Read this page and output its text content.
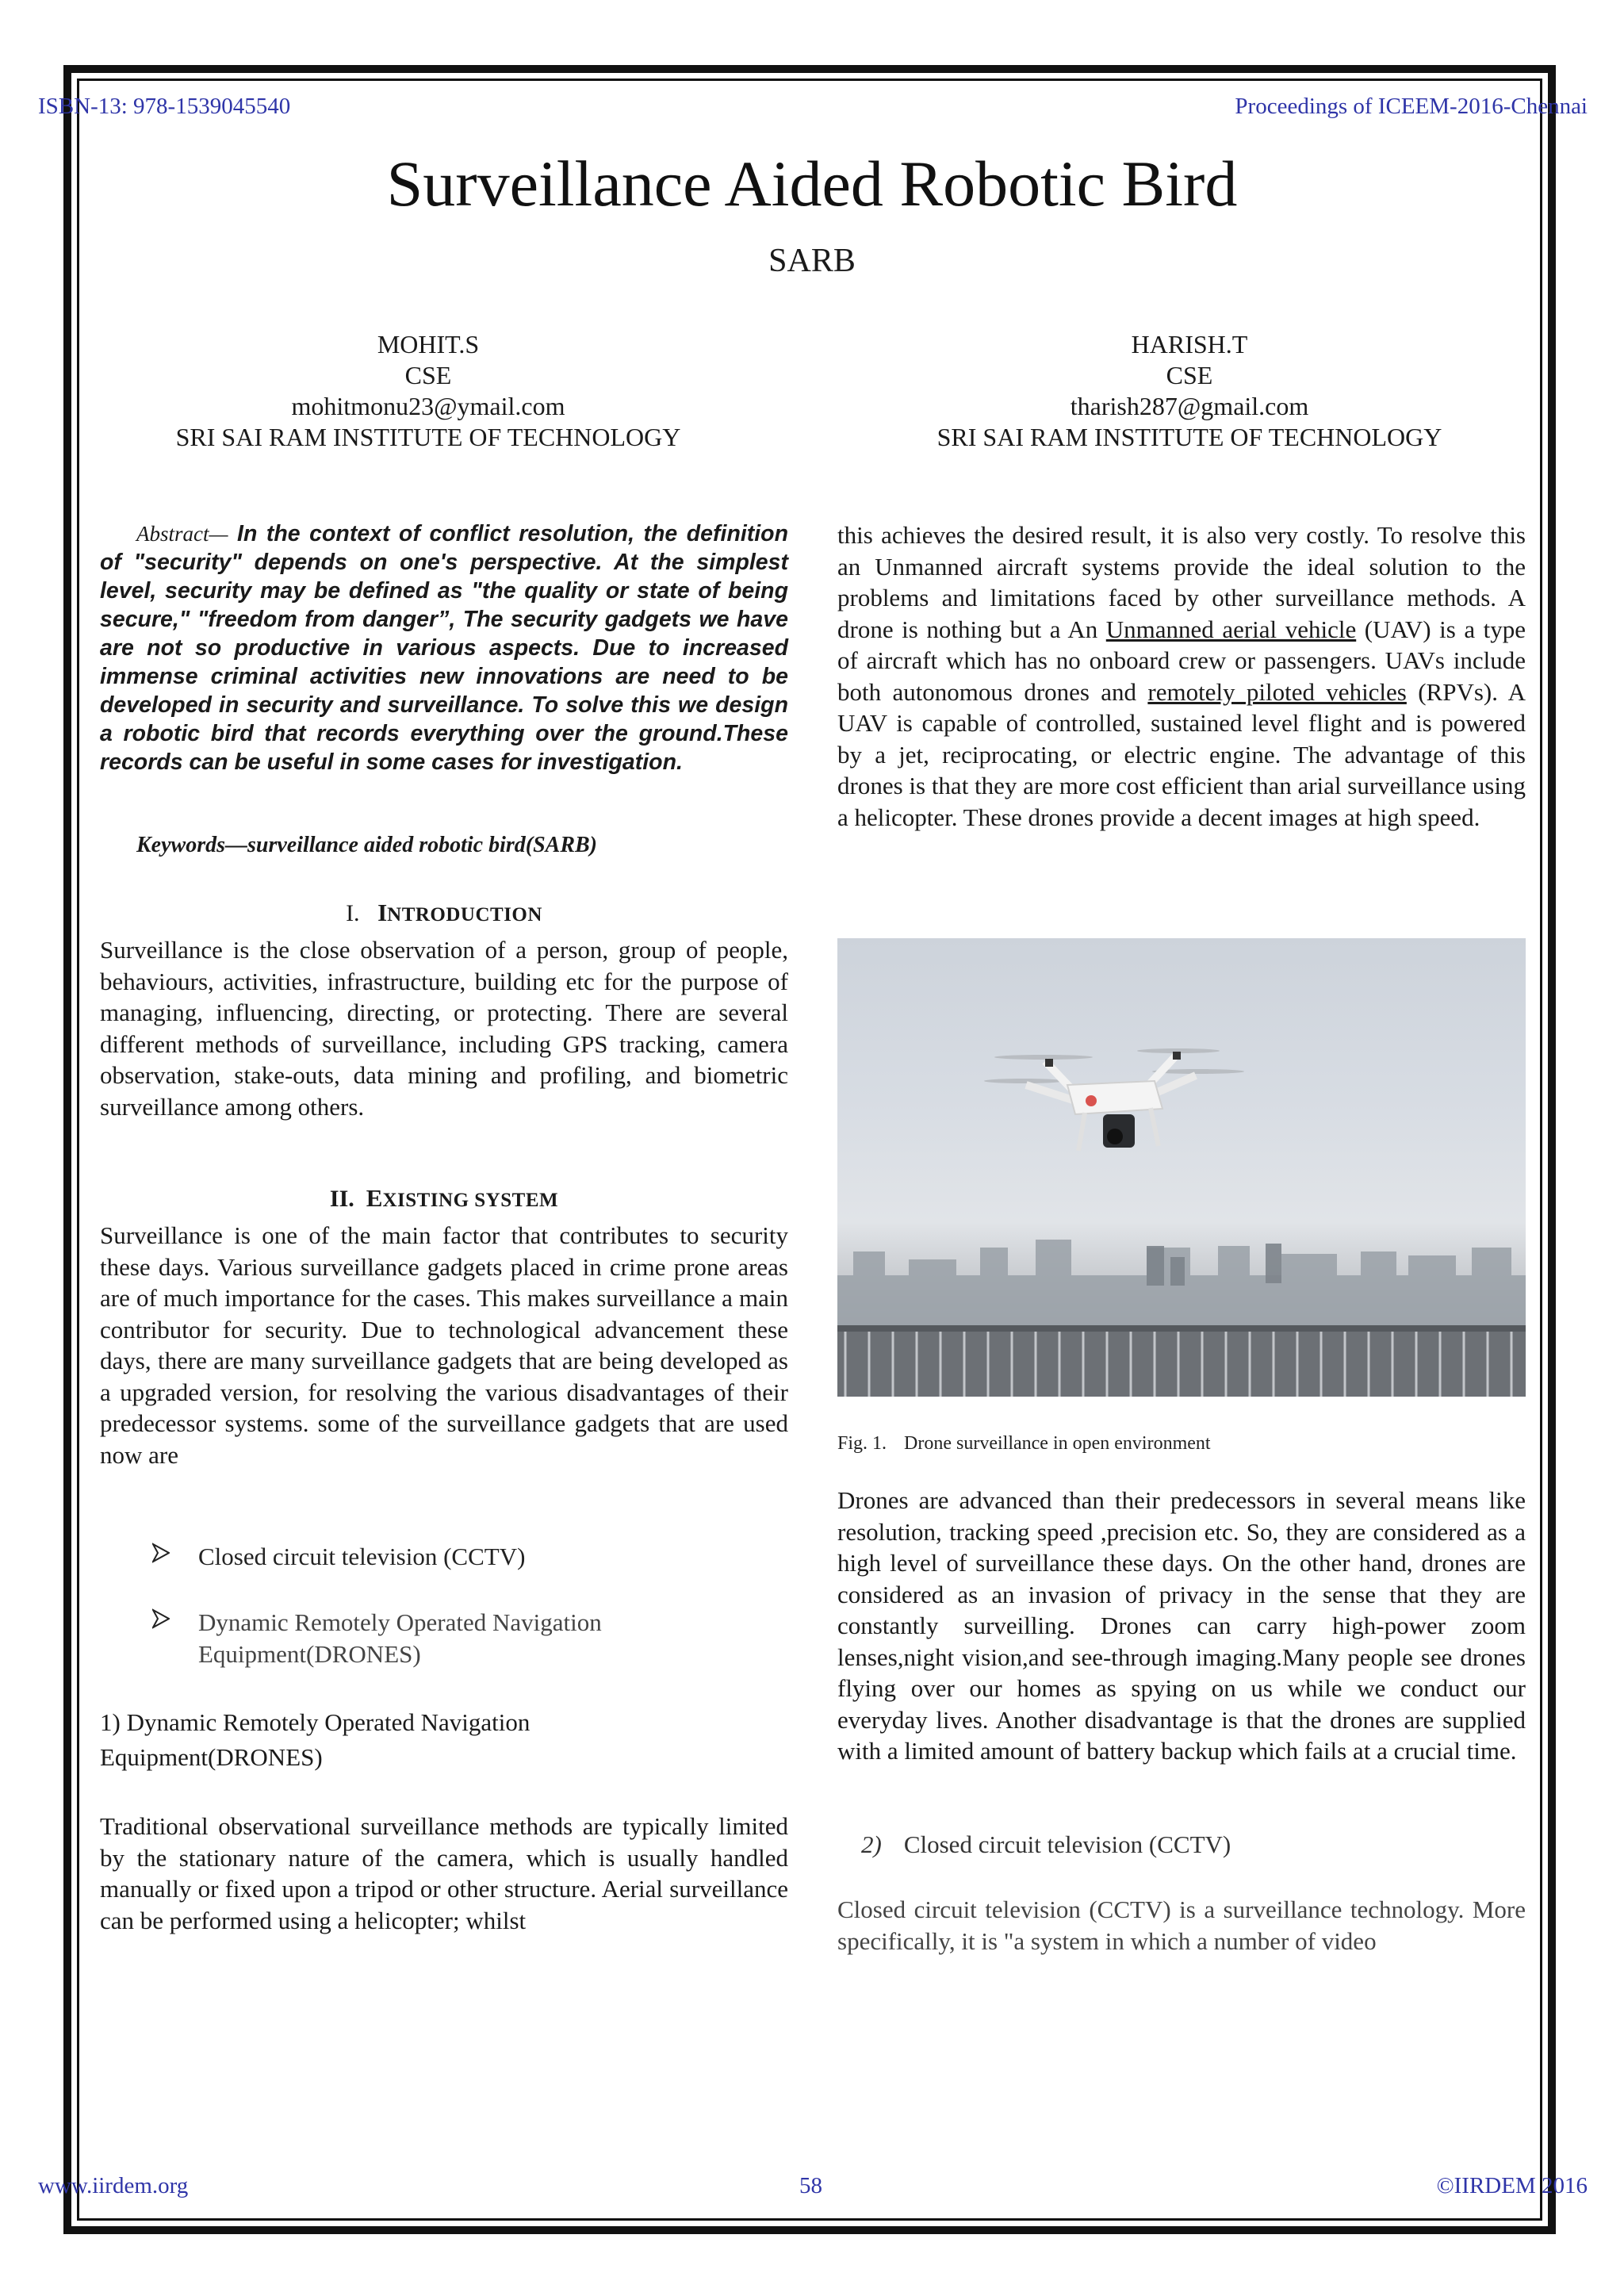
ISBN-13: 978-1539045540	Proceedings of ICEEM-2016-Chennai
Surveillance Aided Robotic Bird
SARB
MOHIT.S
CSE
mohitmonu23@ymail.com
SRI SAI RAM INSTITUTE OF TECHNOLOGY
HARISH.T
CSE
tharish287@gmail.com
SRI SAI RAM INSTITUTE OF TECHNOLOGY
Abstract— In the context of conflict resolution, the definition of "security" depends on one's perspective. At the simplest level, security may be defined as "the quality or state of being secure," "freedom from danger”, The security gadgets we have are not so productive in various aspects. Due to increased immense criminal activities new innovations are need to be developed in security and surveillance. To solve this we design a robotic bird that records everything over the ground.These records can be useful in some cases for investigation.
Keywords—surveillance aided robotic bird(SARB)
I. INTRODUCTION
Surveillance is the close observation of a person, group of people, behaviours, activities, infrastructure, building etc for the purpose of managing, influencing, directing, or protecting. There are several different methods of surveillance, including GPS tracking, camera observation, stake-outs, data mining and profiling, and biometric surveillance among others.
II. EXISTING SYSTEM
Surveillance is one of the main factor that contributes to security these days. Various surveillance gadgets placed in crime prone areas are of much importance for the cases. This makes surveillance a main contributor for security. Due to technological advancement these days, there are many surveillance gadgets that are being developed as a upgraded version, for resolving the various disadvantages of their predecessor systems. some of the surveillance gadgets that are used now are
Closed circuit television (CCTV)
Dynamic Remotely Operated Navigation
Equipment(DRONES)
1) Dynamic Remotely Operated Navigation
Equipment(DRONES)
Traditional observational surveillance methods are typically limited by the stationary nature of the camera, which is usually handled manually or fixed upon a tripod or other structure. Aerial surveillance can be performed using a helicopter; whilst
this achieves the desired result, it is also very costly. To resolve this an Unmanned aircraft systems provide the ideal solution to the problems and limitations faced by other surveillance methods. A drone is nothing but a An Unmanned aerial vehicle (UAV) is a type of aircraft which has no onboard crew or passengers. UAVs include both autonomous drones and remotely piloted vehicles (RPVs). A UAV is capable of controlled, sustained level flight and is powered by a jet, reciprocating, or electric engine. The advantage of this drones is that they are more cost efficient than arial surveillance using a helicopter. These drones provide a decent images at high speed.
Fig. 1. Drone surveillance in open environment
Drones are advanced than their predecessors in several means like resolution, tracking speed ,precision etc. So, they are considered as a high level of surveillance these days. On the other hand, drones are considered as an invasion of privacy in the sense that they are constantly surveilling. Drones can carry high-power zoom lenses,night vision,and see-through imaging.Many people see drones flying over our homes as spying on us while we conduct our everyday lives. Another disadvantage is that the drones are supplied with a limited amount of battery backup which fails at a crucial time.
2) Closed circuit television (CCTV)
Closed circuit television (CCTV) is a surveillance technology. More specifically, it is "a system in which a number of video
www.iirdem.org	58	©IIRDEM 2016
